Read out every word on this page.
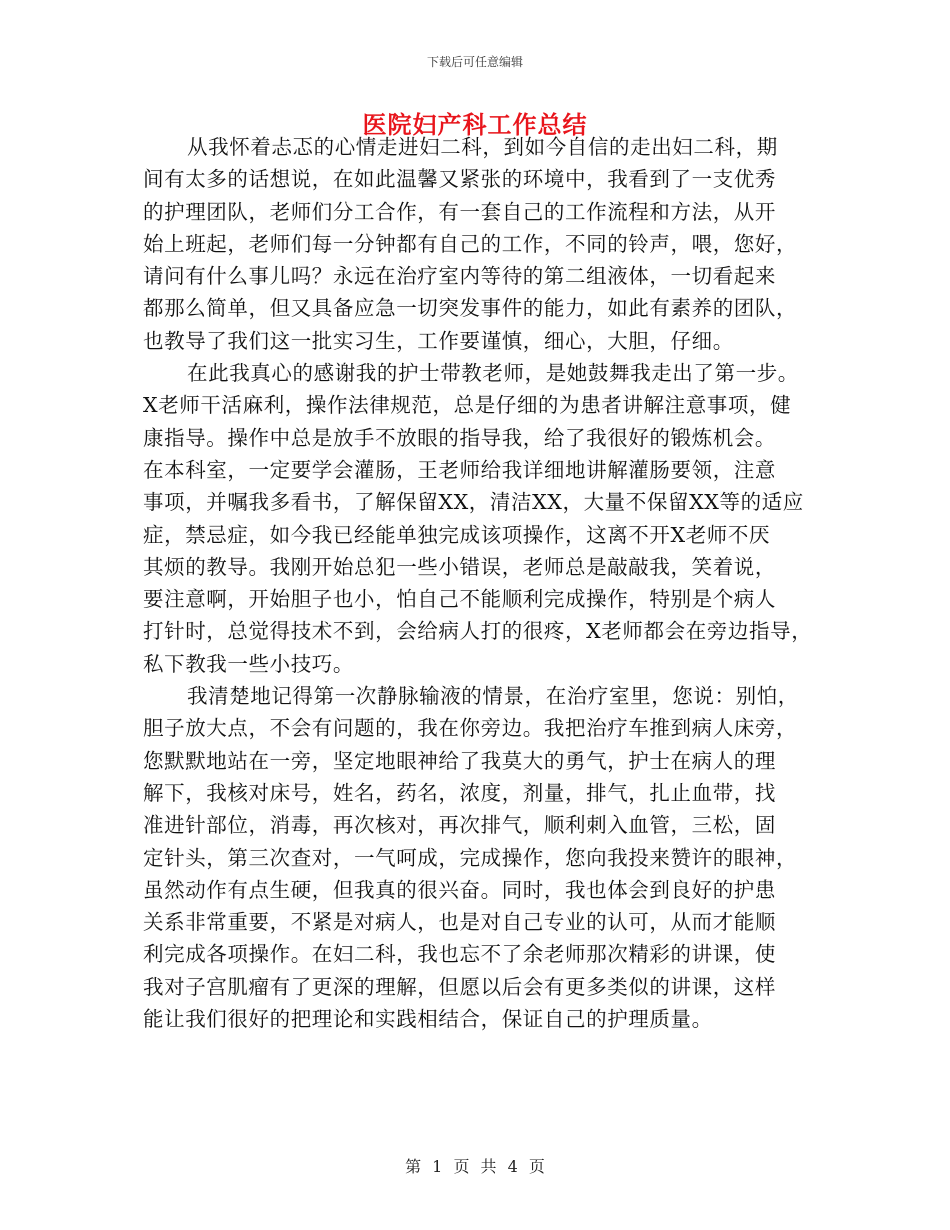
下载后可任意编辑
医院妇产科工作总结
从我怀着忐忑的心情走进妇二科，到如今自信的走出妇二科，期
间有太多的话想说，在如此温馨又紧张的环境中，我看到了一支优秀
的护理团队，老师们分工合作，有一套自己的工作流程和方法，从开
始上班起，老师们每一分钟都有自己的工作，不同的铃声，喂，您好，
请问有什么事儿吗？永远在治疗室内等待的第二组液体，一切看起来
都那么简单，但又具备应急一切突发事件的能力，如此有素养的团队，
也教导了我们这一批实习生，工作要谨慎，细心，大胆，仔细。
在此我真心的感谢我的护士带教老师，是她鼓舞我走出了第一步。
X老师干活麻利，操作法律规范，总是仔细的为患者讲解注意事项，健
康指导。操作中总是放手不放眼的指导我，给了我很好的锻炼机会。
在本科室，一定要学会灌肠，王老师给我详细地讲解灌肠要领，注意
事项，并嘱我多看书，了解保留XX，清洁XX，大量不保留XX等的适应
症，禁忌症，如今我已经能单独完成该项操作，这离不开X老师不厌
其烦的教导。我刚开始总犯一些小错误，老师总是敲敲我，笑着说，
要注意啊，开始胆子也小，怕自己不能顺利完成操作，特别是个病人
打针时，总觉得技术不到，会给病人打的很疼，X老师都会在旁边指导，
私下教我一些小技巧。
我清楚地记得第一次静脉输液的情景，在治疗室里，您说：别怕，
胆子放大点，不会有问题的，我在你旁边。我把治疗车推到病人床旁，
您默默地站在一旁，坚定地眼神给了我莫大的勇气，护士在病人的理
解下，我核对床号，姓名，药名，浓度，剂量，排气，扎止血带，找
准进针部位，消毒，再次核对，再次排气，顺利刺入血管，三松，固
定针头，第三次查对，一气呵成，完成操作，您向我投来赞许的眼神，
虽然动作有点生硬，但我真的很兴奋。同时，我也体会到良好的护患
关系非常重要，不紧是对病人，也是对自己专业的认可，从而才能顺
利完成各项操作。在妇二科，我也忘不了余老师那次精彩的讲课，使
我对子宫肌瘤有了更深的理解，但愿以后会有更多类似的讲课，这样
能让我们很好的把理论和实践相结合，保证自己的护理质量。
第 1 页 共 4 页
